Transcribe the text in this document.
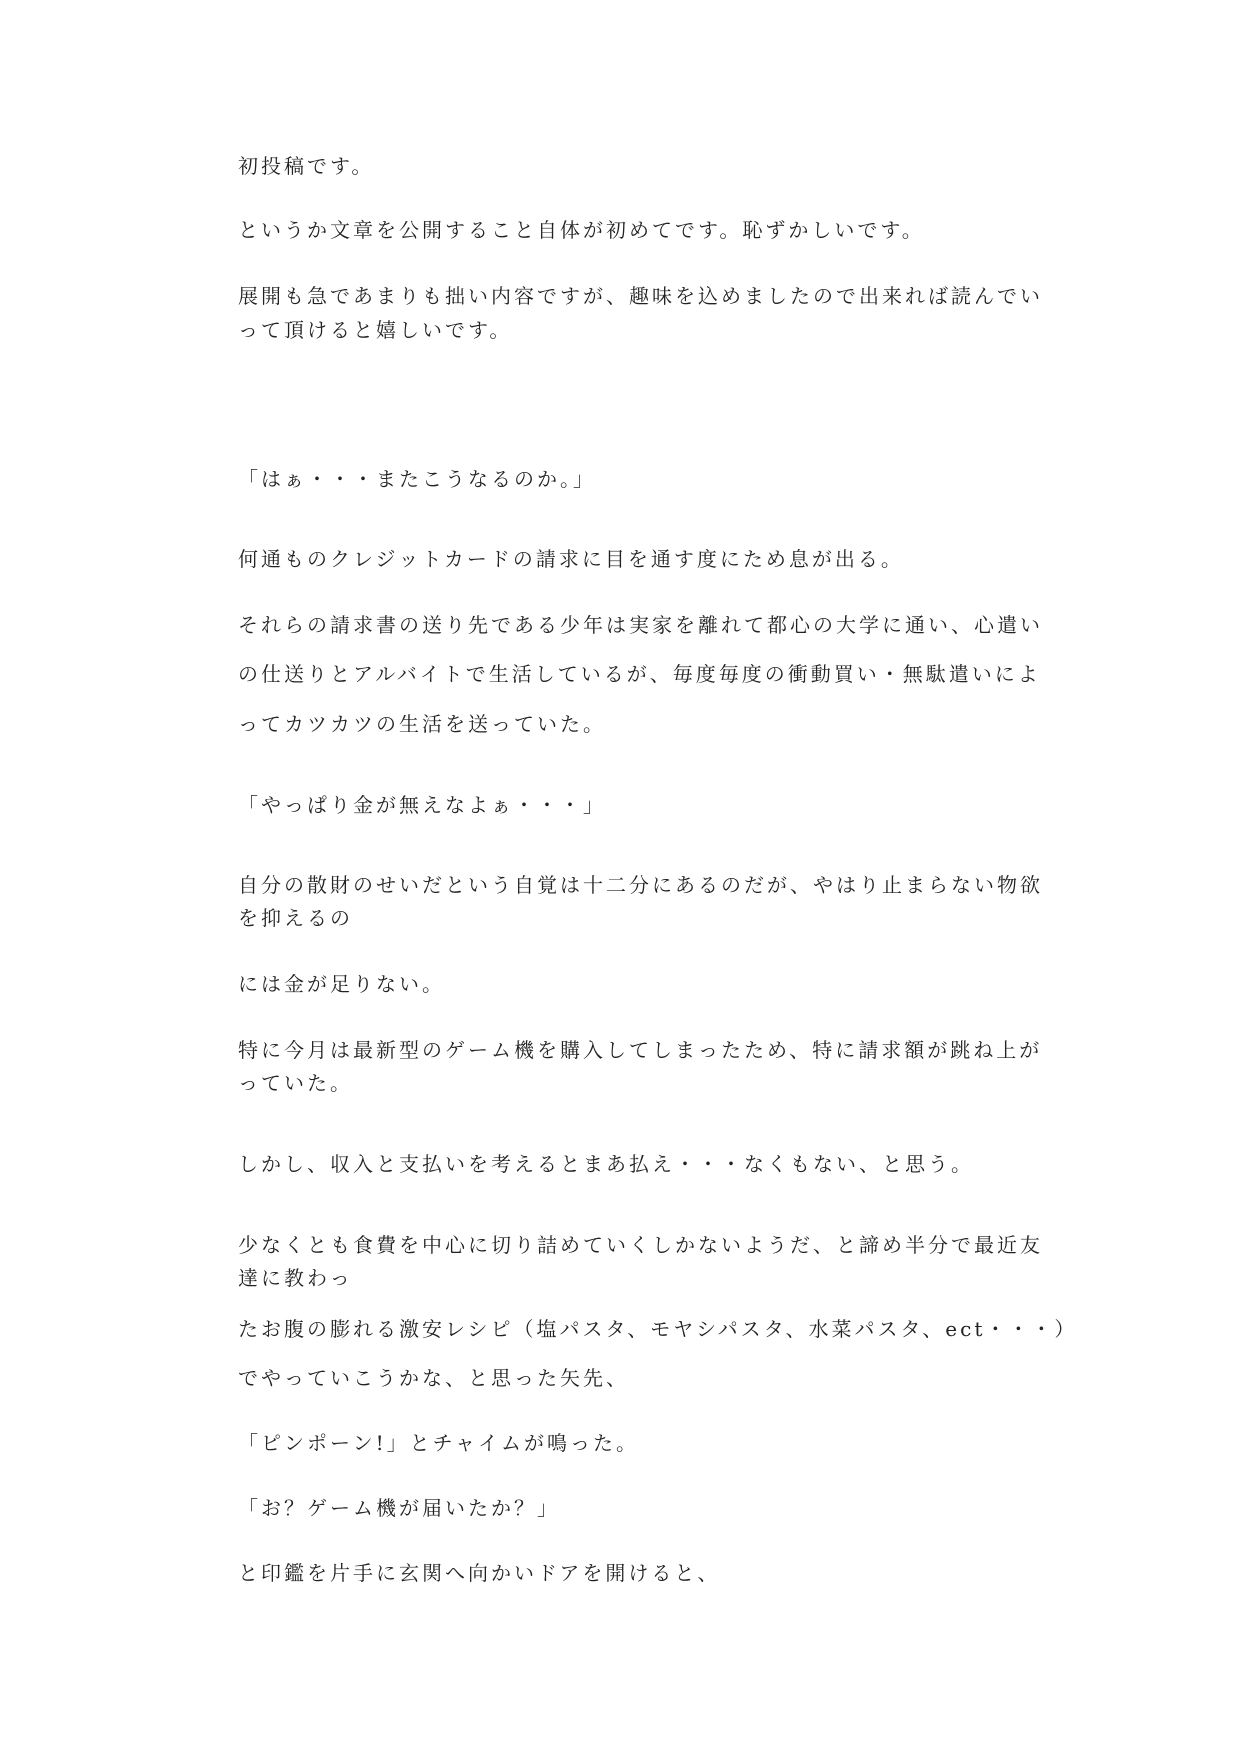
初投稿です。
というか文章を公開すること自体が初めてです。恥ずかしいです。
展開も急であまりも拙い内容ですが、趣味を込めましたので出来れば読んでい
って頂けると嬉しいです。
「はぁ・・・またこうなるのか。」
何通ものクレジットカードの請求に目を通す度にため息が出る。
それらの請求書の送り先である少年は実家を離れて都心の大学に通い、心遣い
の仕送りとアルバイトで生活しているが、毎度毎度の衝動買い・無駄遣いによ
ってカツカツの生活を送っていた。
「やっぱり金が無えなよぁ・・・」
自分の散財のせいだという自覚は十二分にあるのだが、やはり止まらない物欲
を抑えるの
には金が足りない。
特に今月は最新型のゲーム機を購入してしまったため、特に請求額が跳ね上が
っていた。
しかし、収入と支払いを考えるとまあ払え・・・なくもない、と思う。
少なくとも食費を中心に切り詰めていくしかないようだ、と諦め半分で最近友
達に教わっ
たお腹の膨れる激安レシピ（塩パスタ、モヤシパスタ、水菜パスタ、ect・・・）
でやっていこうかな、と思った矢先、
「ピンポーン!」とチャイムが鳴った。
「お？ゲーム機が届いたか？」
と印鑑を片手に玄関へ向かいドアを開けると、
